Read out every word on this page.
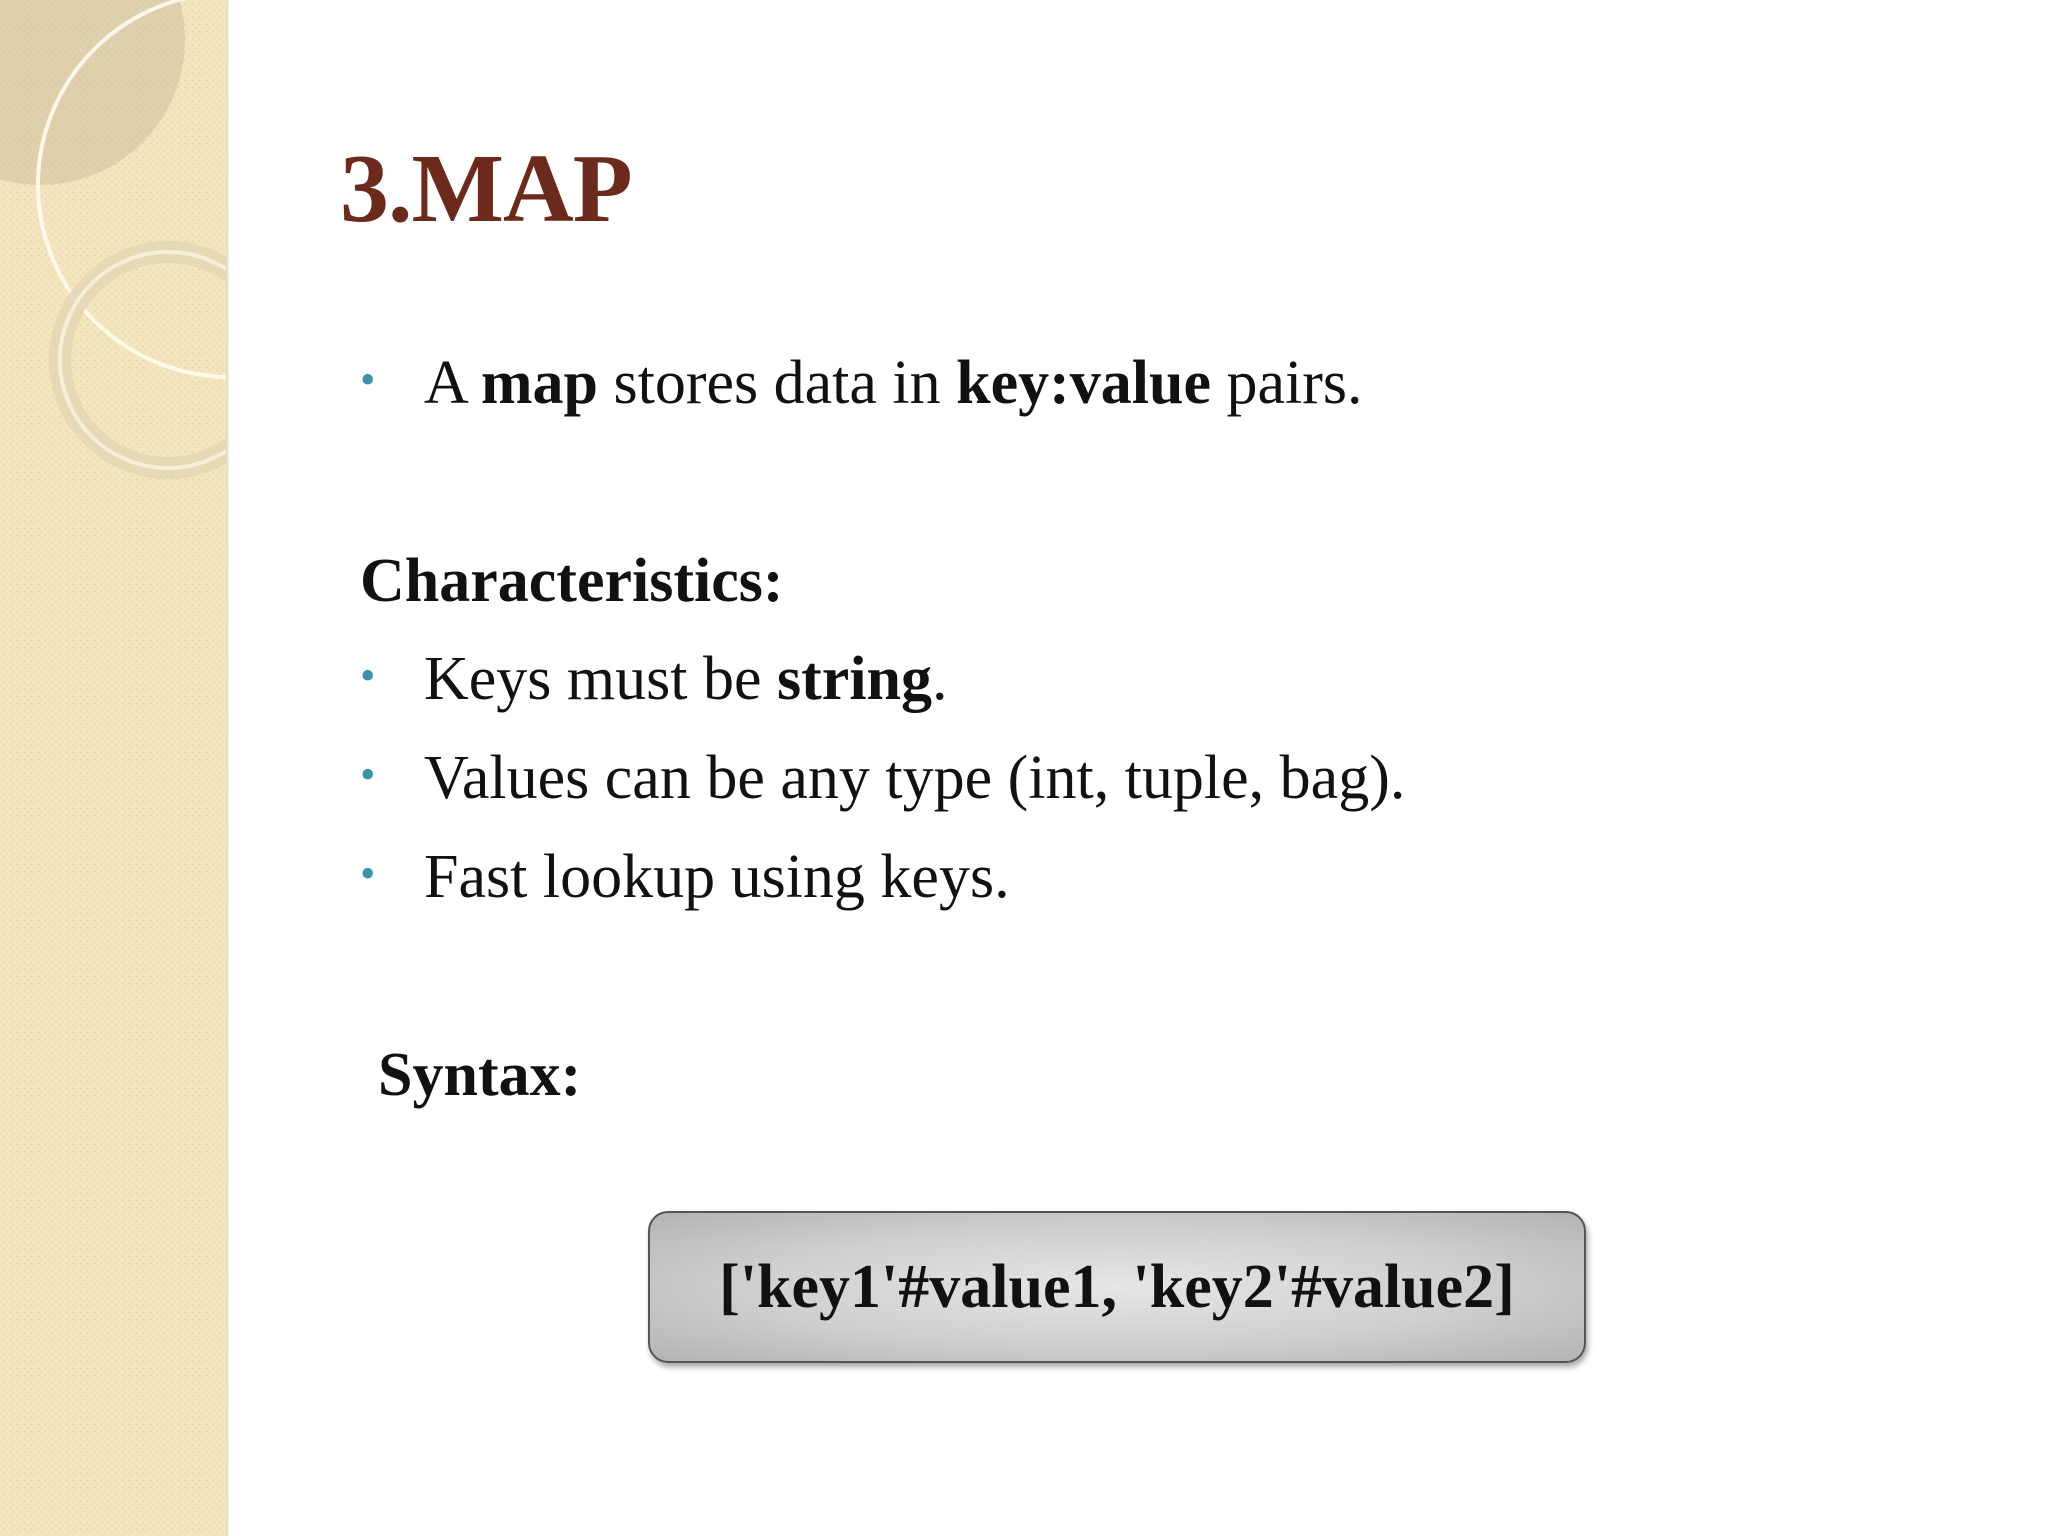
3.MAP
• A map stores data in key:value pairs.
Characteristics:
• Keys must be string.
• Values can be any type (int, tuple, bag).
• Fast lookup using keys.
Syntax:
['key1'#value1, 'key2'#value2]
